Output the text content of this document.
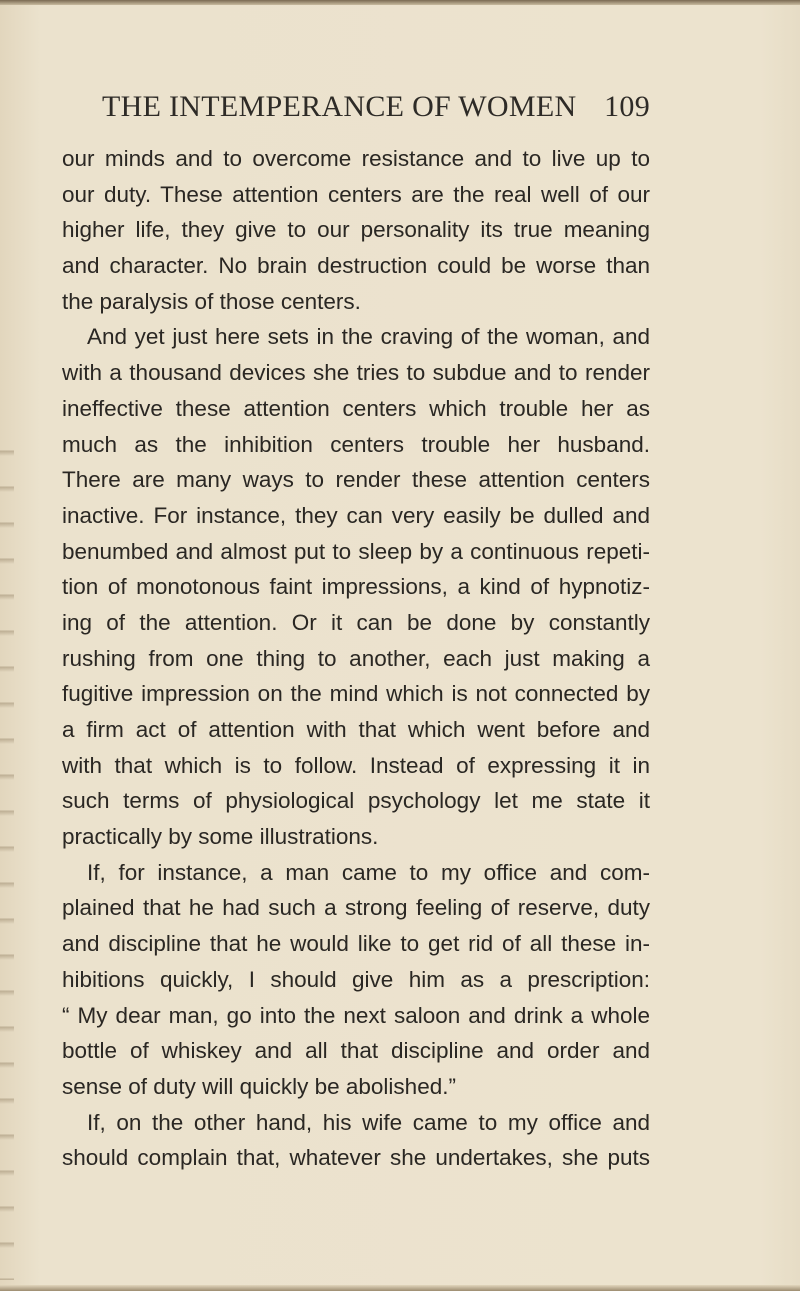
THE INTEMPERANCE OF WOMEN 109
our minds and to overcome resistance and to live up to
our duty. These attention centers are the real well of our
higher life, they give to our personality its true meaning
and character. No brain destruction could be worse than
the paralysis of those centers.
And yet just here sets in the craving of the woman, and
with a thousand devices she tries to subdue and to render
ineffective these attention centers which trouble her as
much as the inhibition centers trouble her husband.
There are many ways to render these attention centers
inactive. For instance, they can very easily be dulled and
benumbed and almost put to sleep by a continuous repeti-
tion of monotonous faint impressions, a kind of hypnotiz-
ing of the attention. Or it can be done by constantly
rushing from one thing to another, each just making a
fugitive impression on the mind which is not connected by
a firm act of attention with that which went before and
with that which is to follow. Instead of expressing it in
such terms of physiological psychology let me state it
practically by some illustrations.
If, for instance, a man came to my office and com-
plained that he had such a strong feeling of reserve, duty
and discipline that he would like to get rid of all these in-
hibitions quickly, I should give him as a prescription:
“ My dear man, go into the next saloon and drink a whole
bottle of whiskey and all that discipline and order and
sense of duty will quickly be abolished.”
If, on the other hand, his wife came to my office and
should complain that, whatever she undertakes, she puts
